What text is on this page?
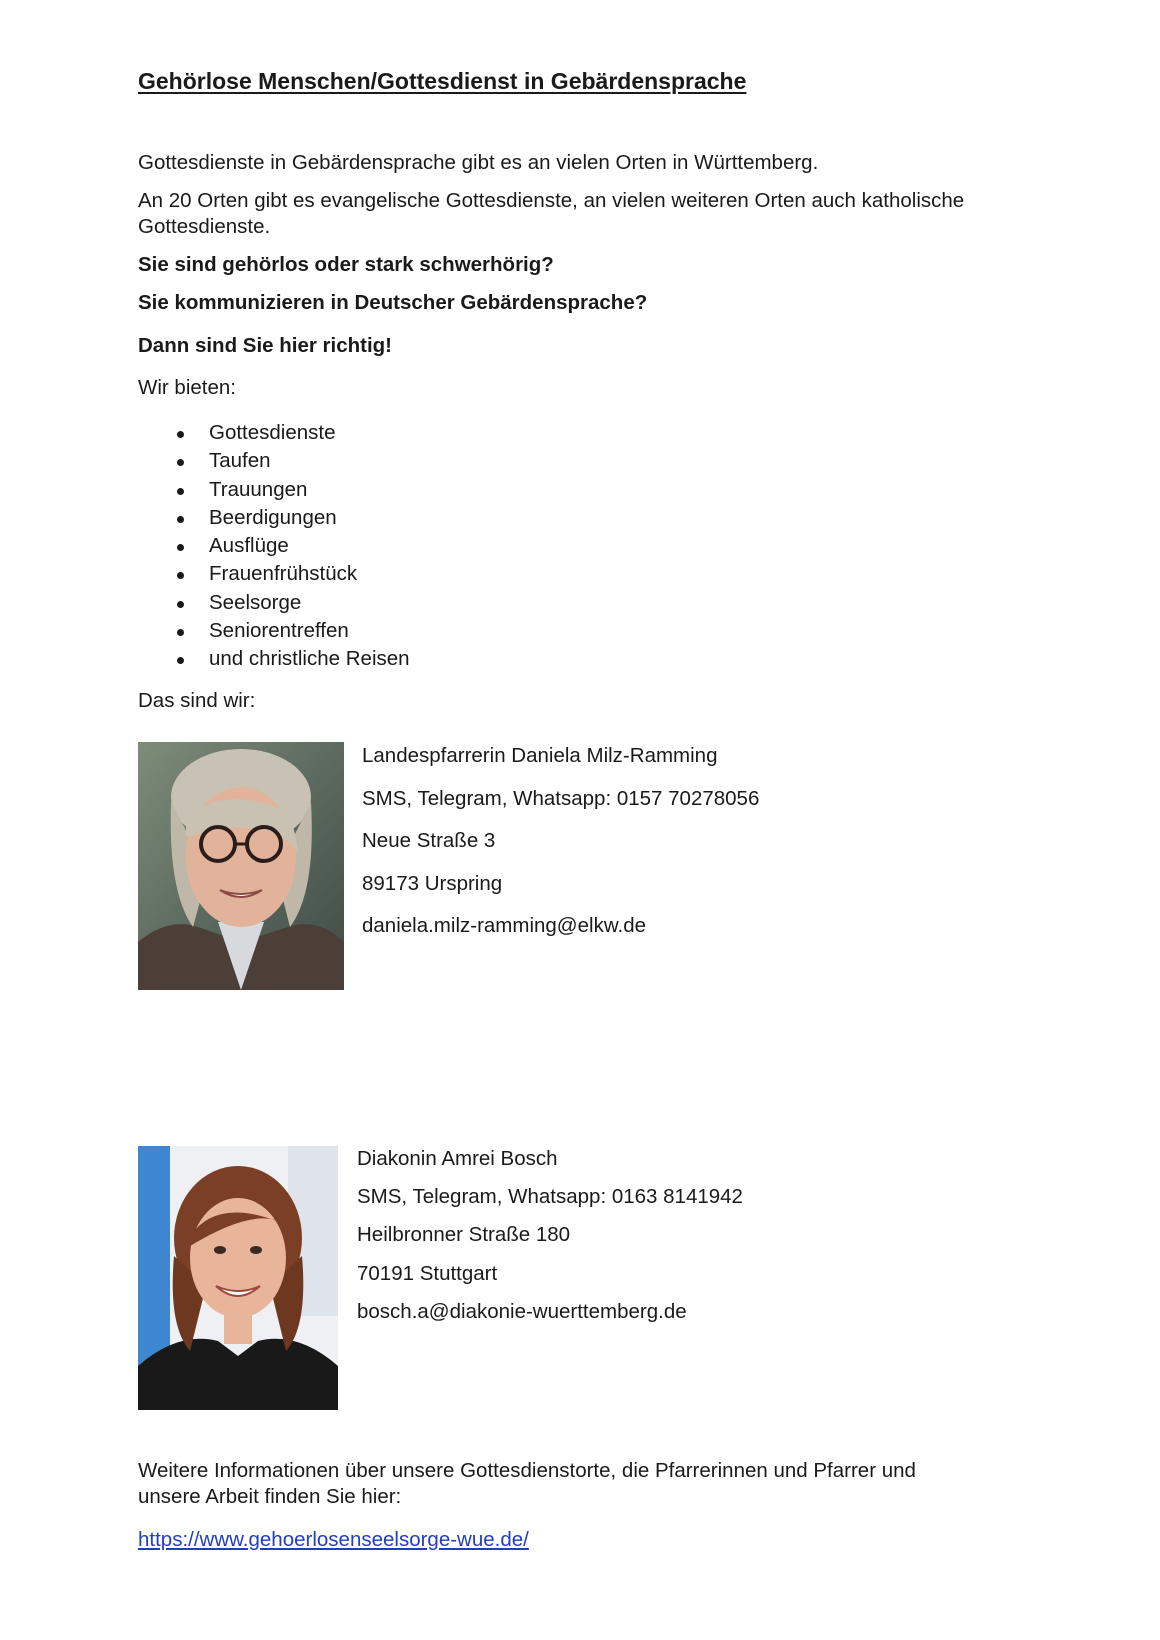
Gehörlose Menschen/Gottesdienst in Gebärdensprache
Gottesdienste in Gebärdensprache gibt es an vielen Orten in Württemberg.
An 20 Orten gibt es evangelische Gottesdienste, an vielen weiteren Orten auch katholische
Gottesdienste.
Sie sind gehörlos oder stark schwerhörig?
Sie kommunizieren in Deutscher Gebärdensprache?
Dann sind Sie hier richtig!
Wir bieten:
Gottesdienste
Taufen
Trauungen
Beerdigungen
Ausflüge
Frauenfrühstück
Seelsorge
Seniorentreffen
und christliche Reisen
Das sind wir:
Landespfarrerin Daniela Milz-Ramming
SMS, Telegram, Whatsapp: 0157 70278056
Neue Straße 3
89173 Urspring
daniela.milz-ramming@elkw.de
Diakonin Amrei Bosch
SMS, Telegram, Whatsapp: 0163 8141942
Heilbronner Straße 180
70191 Stuttgart
bosch.a@diakonie-wuerttemberg.de
Weitere Informationen über unsere Gottesdienstorte, die Pfarrerinnen und Pfarrer und
unsere Arbeit finden Sie hier:
https://www.gehoerlosenseelsorge-wue.de/
